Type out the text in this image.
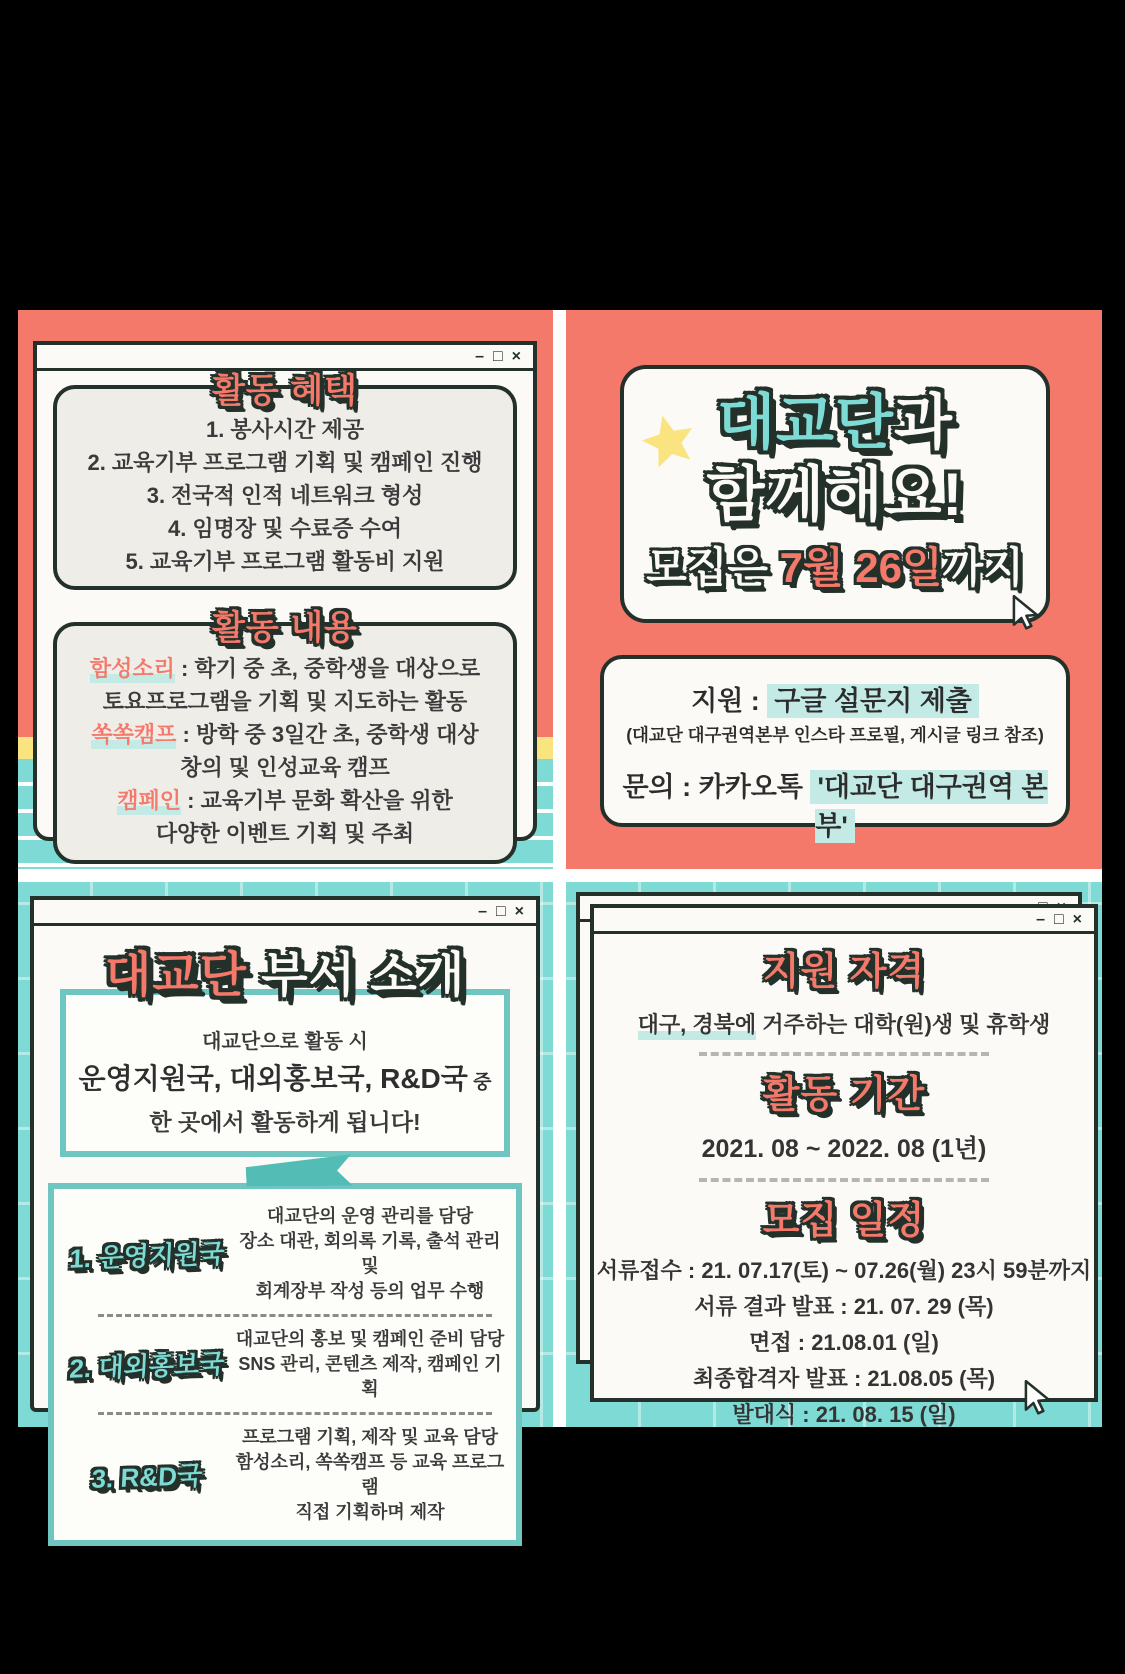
– □ ×
활동 혜택

1. 봉사시간 제공

2. 교육기부 프로그램 기획 및 캠페인 진행

3. 전국적 인적 네트워크 형성

4. 임명장 및 수료증 수여

5. 교육기부 프로그램 활동비 지원

활동 내용

함성소리 : 학기 중 초, 중학생을 대상으로

토요프로그램을 기획 및 지도하는 활동

쏙쏙캠프 : 방학 중 3일간 초, 중학생 대상

창의 및 인성교육 캠프

캠페인 : 교육기부 문화 확산을 위한

다양한 이벤트 기획 및 주최

대교단과
함께해요!
모집은 7월 26일까지

지원 : 구글 설문지 제출

(대교단 대구권역본부 인스타 프로필, 게시글 링크 참조)

문의 : 카카오톡 '대교단 대구권역 본부'

– □ ×
대교단 부서 소개

대교단으로 활동 시

운영지원국, 대외홍보국, R&D국 중

한 곳에서 활동하게 됩니다!

1. 운영지원국

대교단의 운영 관리를 담당

장소 대관, 회의록 기록, 출석 관리 및

회계장부 작성 등의 업무 수행

2. 대외홍보국

대교단의 홍보 및 캠페인 준비 담당

SNS 관리, 콘텐츠 제작, 캠페인 기획

3. R&D국

프로그램 기획, 제작 및 교육 담당

함성소리, 쏙쏙캠프 등 교육 프로그램

직접 기획하며 제작

– □ ×
지원 자격

대구, 경북에 거주하는 대학(원)생 및 휴학생

활동 기간

2021. 08 ~ 2022. 08 (1년)

모집 일정

서류접수 : 21. 07.17(토) ~ 07.26(월) 23시 59분까지

서류 결과 발표 : 21. 07. 29 (목)

면접 : 21.08.01 (일)

최종합격자 발표 : 21.08.05 (목)

발대식 : 21. 08. 15 (일)
